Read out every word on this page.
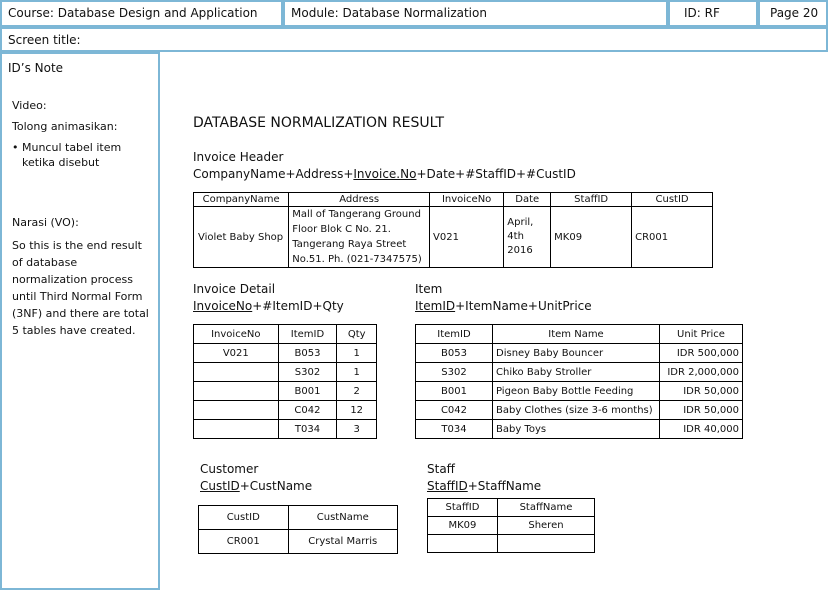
Course: Database Design and Application	Module: Database Normalization	ID: RF	Page 20
Screen title:
ID’s Note
Video:
Tolong animasikan:
• Muncul tabel item ketika disebut
Narasi (VO):
So this is the end result of database normalization process until Third Normal Form (3NF) and there are total 5 tables have created.
DATABASE NORMALIZATION RESULT
Invoice Header
CompanyName+Address+Invoice.No+Date+#StaffID+#CustID
CompanyName	Address	InvoiceNo	Date	StaffID	CustID
Violet Baby Shop	Mall of Tangerang Ground Floor Blok C No. 21. Tangerang Raya Street No.51. Ph. (021-7347575)	V021	April, 4th 2016	MK09	CR001
Invoice Detail
InvoiceNo+#ItemID+Qty
InvoiceNo	ItemID	Qty
V021	B053	1
	S302	1
	B001	2
	C042	12
	T034	3
Item
ItemID+ItemName+UnitPrice
ItemID	Item Name	Unit Price
B053	Disney Baby Bouncer	IDR 500,000
S302	Chiko Baby Stroller	IDR 2,000,000
B001	Pigeon Baby Bottle Feeding	IDR 50,000
C042	Baby Clothes (size 3-6 months)	IDR 50,000
T034	Baby Toys	IDR 40,000
Customer
CustID+CustName
CustID	CustName
CR001	Crystal Marris
Staff
StaffID+StaffName
StaffID	StaffName
MK09	Sheren
